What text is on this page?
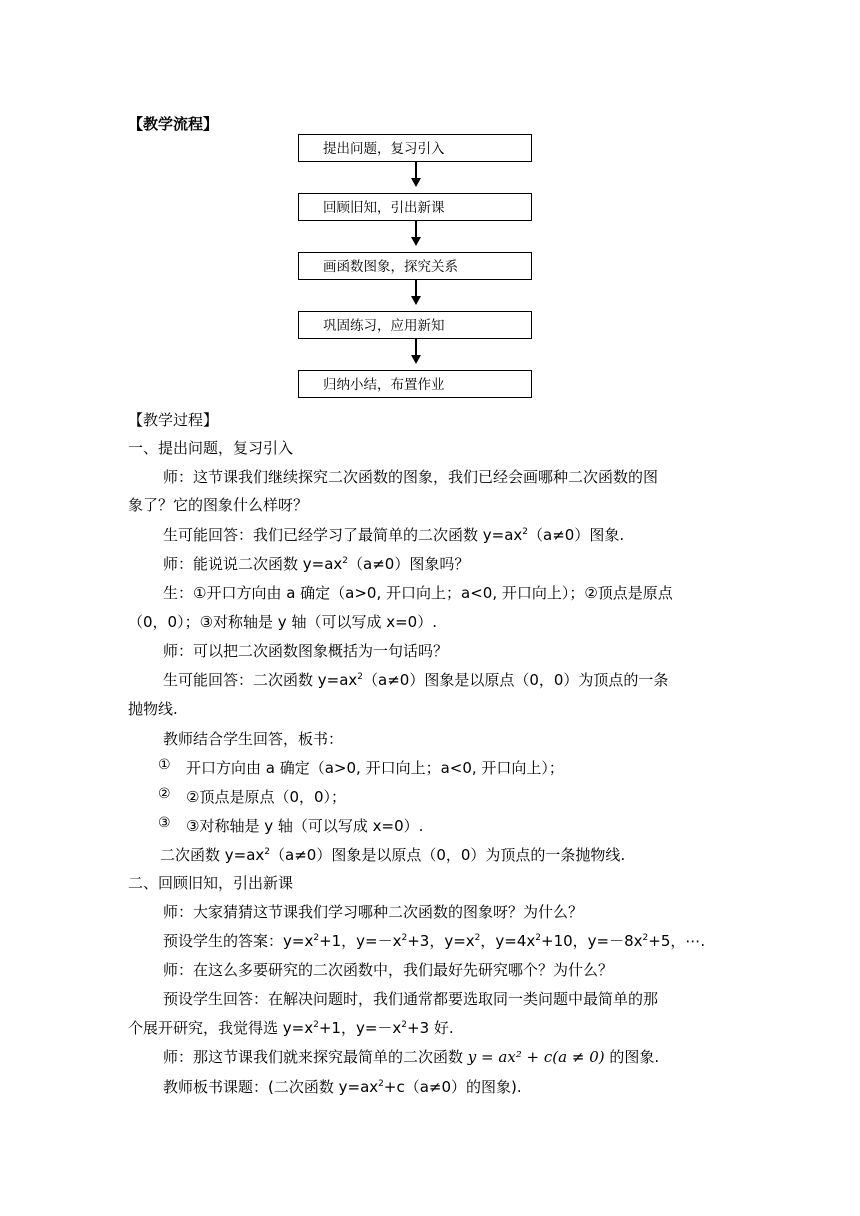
【教学流程】
提出问题，复习引入
回顾旧知，引出新课
画函数图象，探究关系
巩固练习，应用新知
归纳小结，布置作业
【教学过程】
一、提出问题，复习引入
师：这节课我们继续探究二次函数的图象，我们已经会画哪种二次函数的图
象了？它的图象什么样呀？
生可能回答：我们已经学习了最简单的二次函数 $y=ax^2(a\ne 0)$图象.
师：能说说二次函数 $y=ax^2(a\ne 0)$图象吗？
生：①开口方向由 a 确定（a>0, 开口向上；a<0, 开口向上）；②顶点是原点
（0，0）；③对称轴是 y 轴（可以写成 x=0）.
师：可以把二次函数图象概括为一句话吗？
生可能回答：二次函数 $y=ax^2(a\ne 0)$图象是以原点（0，0）为顶点的一条
抛物线.
教师结合学生回答，板书：
① 开口方向由 a 确定（a>0, 开口向上；a<0, 开口向上）；
② ②顶点是原点（0，0）；
③ ③对称轴是 y 轴（可以写成 x=0）.
二次函数 $y=ax^2(a\ne 0)$图象是以原点（0，0）为顶点的一条抛物线.
二、回顾旧知，引出新课
师：大家猜猜这节课我们学习哪种二次函数的图象呀？为什么？
预设学生的答案：$y=x^2+1$，$y=-x^2+3$，$y=x^2$，$y=4x^2+10$，$y=-8x^2+5$，⋯.
师：在这么多要研究的二次函数中，我们最好先研究哪个？为什么？
预设学生回答：在解决问题时，我们通常都要选取同一类问题中最简单的那
个展开研究，我觉得选 $y=x^2+1$，$y=-x^2+3$ 好.
师：那这节课我们就来探究最简单的二次函数 y = ax² + c(a ≠ 0) 的图象.
教师板书课题：(二次函数 $y=ax^2+c(a\ne 0)$的图象).
